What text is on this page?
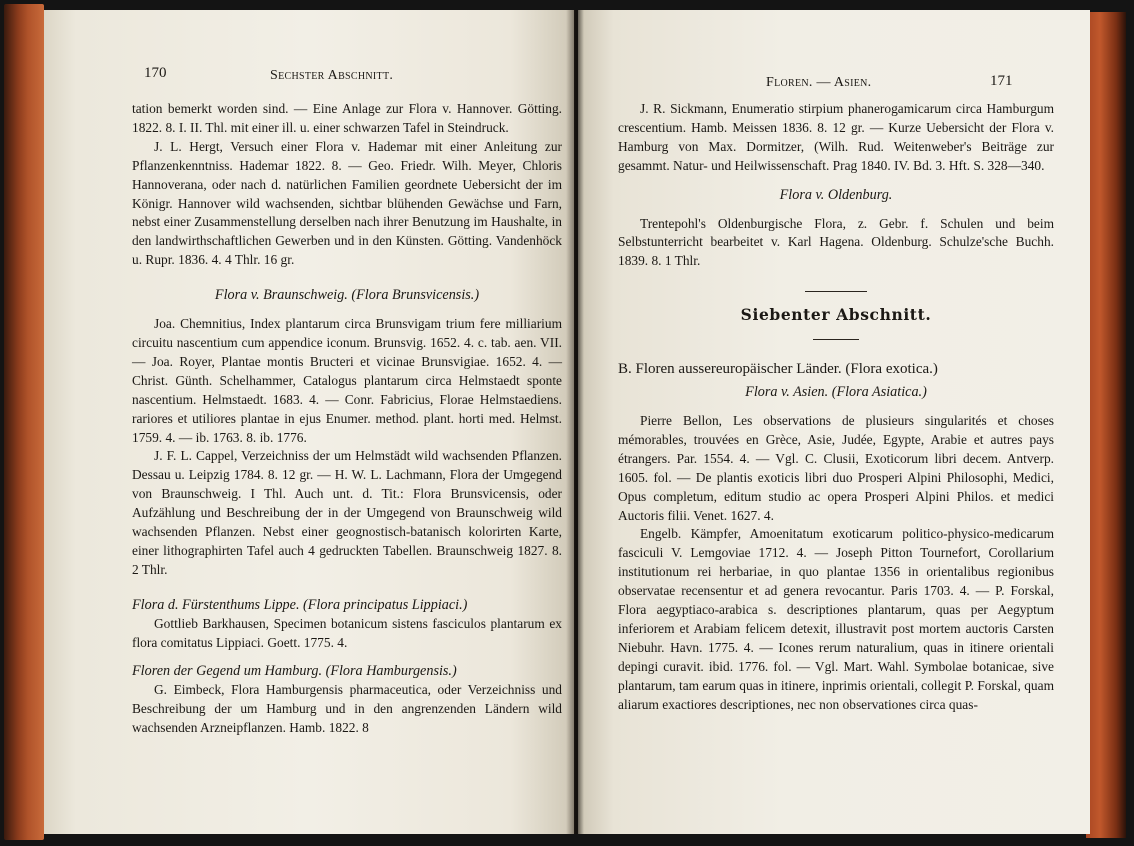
170	Sechster Abschnitt.

tation bemerkt worden sind. — Eine Anlage zur Flora v. Hannover. Götting. 1822. 8. I. II. Thl. mit einer ill. u. einer schwarzen Tafel in Steindruck.

J. L. Hergt, Versuch einer Flora v. Hademar mit einer Anleitung zur Pflanzenkenntniss. Hademar 1822. 8. — Geo. Friedr. Wilh. Meyer, Chloris Hannoverana, oder nach d. natürlichen Familien geordnete Uebersicht der im Königr. Hannover wild wachsenden, sichtbar blühenden Gewächse und Farn, nebst einer Zusammenstellung derselben nach ihrer Benutzung im Haushalte, in den landwirthschaftlichen Gewerben und in den Künsten. Götting. Vandenhöck u. Rupr. 1836. 4. 4 Thlr. 16 gr.

Flora v. Braunschweig. (Flora Brunsvicensis.)

Joa. Chemnitius, Index plantarum circa Brunsvigam trium fere milliarium circuitu nascentium cum appendice iconum. Brunsvig. 1652. 4. c. tab. aen. VII. — Joa. Royer, Plantae montis Bructeri et vicinae Brunsvigiae. 1652. 4. — Christ. Günth. Schelhammer, Catalogus plantarum circa Helmstaedt sponte nascentium. Helmstaedt. 1683. 4. — Conr. Fabricius, Florae Helmstaediens. rariores et utiliores plantae in ejus Enumer. method. plant. horti med. Helmst. 1759. 4. — ib. 1763. 8. ib. 1776.

J. F. L. Cappel, Verzeichniss der um Helmstädt wild wachsenden Pflanzen. Dessau u. Leipzig 1784. 8. 12 gr. — H. W. L. Lachmann, Flora der Umgegend von Braunschweig. I Thl. Auch unt. d. Tit.: Flora Brunsvicensis, oder Aufzählung und Beschreibung der in der Umgegend von Braunschweig wild wachsenden Pflanzen. Nebst einer geognostisch-batanisch kolorirten Karte, einer lithographirten Tafel auch 4 gedruckten Tabellen. Braunschweig 1827. 8. 2 Thlr.

Flora d. Fürstenthums Lippe. (Flora principatus Lippiaci.)

Gottlieb Barkhausen, Specimen botanicum sistens fasciculos plantarum ex flora comitatus Lippiaci. Goett. 1775. 4.

Floren der Gegend um Hamburg. (Flora Hamburgensis.)

G. Eimbeck, Flora Hamburgensis pharmaceutica, oder Verzeichniss und Beschreibung der um Hamburg und in den angrenzenden Ländern wild wachsenden Arzneipflanzen. Hamb. 1822. 8

Floren. — Asien.	171

J. R. Sickmann, Enumeratio stirpium phanerogamicarum circa Hamburgum crescentium. Hamb. Meissen 1836. 8. 12 gr. — Kurze Uebersicht der Flora v. Hamburg von Max. Dormitzer, (Wilh. Rud. Weitenweber's Beiträge zur gesammt. Natur- und Heilwissenschaft. Prag 1840. IV. Bd. 3. Hft. S. 328—340.

Flora v. Oldenburg.

Trentepohl's Oldenburgische Flora, z. Gebr. f. Schulen und beim Selbstunterricht bearbeitet v. Karl Hagena. Oldenburg. Schulze'sche Buchh. 1839. 8. 1 Thlr.

Siebenter Abschnitt.

B. Floren aussereuropäischer Länder. (Flora exotica.)

Flora v. Asien. (Flora Asiatica.)

Pierre Bellon, Les observations de plusieurs singularités et choses mémorables, trouvées en Grèce, Asie, Judée, Egypte, Arabie et autres pays étrangers. Par. 1554. 4. — Vgl. C. Clusii, Exoticorum libri decem. Antverp. 1605. fol. — De plantis exoticis libri duo Prosperi Alpini Philosophi, Medici, Opus completum, editum studio ac opera Prosperi Alpini Philos. et medici Auctoris filii. Venet. 1627. 4.

Engelb. Kämpfer, Amoenitatum exoticarum politico-physico-medicarum fasciculi V. Lemgoviae 1712. 4. — Joseph Pitton Tournefort, Corollarium institutionum rei herbariae, in quo plantae 1356 in orientalibus regionibus observatae recensentur et ad genera revocantur. Paris 1703. 4. — P. Forskal, Flora aegyptiaco-arabica s. descriptiones plantarum, quas per Aegyptum inferiorem et Arabiam felicem detexit, illustravit post mortem auctoris Carsten Niebuhr. Havn. 1775. 4. — Icones rerum naturalium, quas in itinere orientali depingi curavit. ibid. 1776. fol. — Vgl. Mart. Wahl. Symbolae botanicae, sive plantarum, tam earum quas in itinere, inprimis orientali, collegit P. Forskal, quam aliarum exactiores descriptiones, nec non observationes circa quas-
